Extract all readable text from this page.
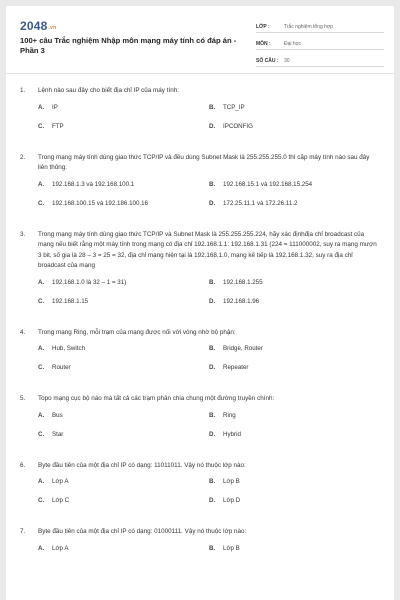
2048.vn
100+ câu Trắc nghiệm Nhập môn mạng máy tính có đáp án - Phần 3
LỚP :	Trắc nghiệm tổng hợp
MÔN :	Đại học
SỐ CÂU :	30
1.	Lệnh nào sau đây cho biết địa chỉ IP của máy tính:
A.	IP	B.	TCP_IP
C.	FTP	D.	IPCONFIG
2.	Trong mạng máy tính dùng giao thức TCP/IP và đều dùng Subnet Mask là 255.255.255.0 thì cặp máy tính nào sau đây liên thông:
A.	192.168.1.3 và 192.168.100.1	B.	192.168.15.1 và 192.168.15.254
C.	192.168.100.15 và 192.186.100.16	D.	172.25.11.1 và 172.26.11.2
3.	Trong mạng máy tính dùng giao thức TCP/IP và Subnet Mask là 255.255.255.224, hãy xác địnhđịa chỉ broadcast của mạng nếu biết rằng một máy tính trong mạng có địa chỉ 192.168.1.1: 192.168.1.31 (224 = 111000002, suy ra mạng mượn 3 bit, số gia là 28 – 3 = 25 = 32, địa chỉ mạng hiện tại là 192.168.1.0, mạng kế tiếp là 192.168.1.32, suy ra địa chỉ broadcast của mạng
A.	192.168.1.0 là 32 – 1 = 31)	B.	192.168.1.255
C.	192.168.1.15	D.	192.168.1.96
4.	Trong mạng Ring, mỗi trạm của mạng được nối với vòng nhờ bộ phận:
A.	Hub, Switch	B.	Bridge, Router
C.	Router	D.	Repeater
5.	Topo mạng cục bộ nào mà tất cả các trạm phân chia chung một đường truyền chính:
A.	Bus	B.	Ring
C.	Star	D.	Hybrid
6.	Byte đầu tiên của một địa chỉ IP có dạng: 11011011. Vậy nó thuộc lớp nào:
A.	Lớp A	B.	Lớp B
C.	Lớp C	D.	Lớp D
7.	Byte đầu tiên của một địa chỉ IP có dạng: 01000111. Vậy nó thuộc lớp nào:
A.	Lớp A	B.	Lớp B
